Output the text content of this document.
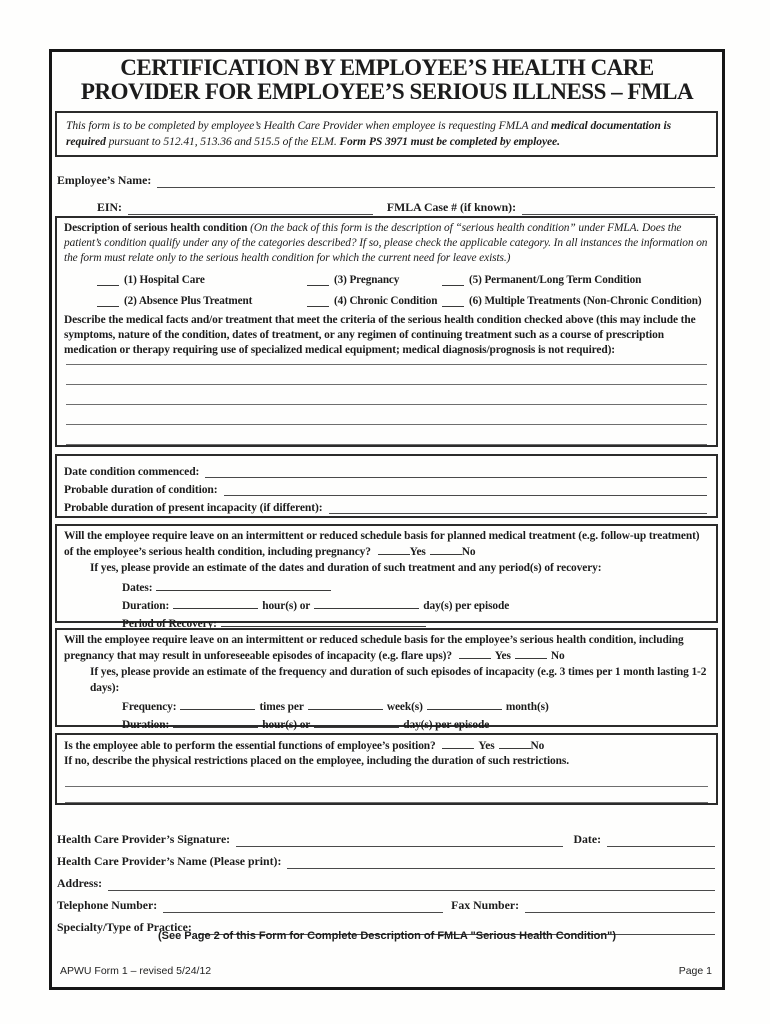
CERTIFICATION BY EMPLOYEE’S HEALTH CARE
PROVIDER FOR EMPLOYEE’S SERIOUS ILLNESS – FMLA
This form is to be completed by employee’s Health Care Provider when employee is requesting FMLA and medical documentation is required pursuant to 512.41, 513.36 and 515.5 of the ELM. Form PS 3971 must be completed by employee.
Employee’s Name:
EIN:	FMLA Case # (if known):
Description of serious health condition (On the back of this form is the description of “serious health condition” under FMLA. Does the patient’s condition qualify under any of the categories described? If so, please check the applicable category. In all instances the information on the form must relate only to the serious health condition for which the current need for leave exists.)
(1) Hospital Care	(3) Pregnancy	(5) Permanent/Long Term Condition
(2) Absence Plus Treatment	(4) Chronic Condition	(6) Multiple Treatments (Non-Chronic Condition)
Describe the medical facts and/or treatment that meet the criteria of the serious health condition checked above (this may include the symptoms, nature of the condition, dates of treatment, or any regimen of continuing treatment such as a course of prescription medication or therapy requiring use of specialized medical equipment; medical diagnosis/prognosis is not required):
Date condition commenced:
Probable duration of condition:
Probable duration of present incapacity (if different):
Will the employee require leave on an intermittent or reduced schedule basis for planned medical treatment (e.g. follow-up treatment) of the employee’s serious health condition, including pregnancy?	Yes	No
If yes, please provide an estimate of the dates and duration of such treatment and any period(s) of recovery:
Dates:
Duration:	hour(s) or	day(s) per episode
Period of Recovery:
Will the employee require leave on an intermittent or reduced schedule basis for the employee’s serious health condition, including pregnancy that may result in unforeseeable episodes of incapacity (e.g. flare ups)?	Yes	No
If yes, please provide an estimate of the frequency and duration of such episodes of incapacity (e.g. 3 times per 1 month lasting 1-2 days):
Frequency:	times per	week(s)	month(s)
Duration:	hour(s) or	day(s) per episode
Is the employee able to perform the essential functions of employee’s position?	Yes	No
If no, describe the physical restrictions placed on the employee, including the duration of such restrictions.
Health Care Provider’s Signature:	Date:
Health Care Provider’s Name (Please print):
Address:
Telephone Number:	Fax Number:
Specialty/Type of Practice:
(See Page 2 of this Form for Complete Description of FMLA "Serious Health Condition")
APWU Form 1 – revised 5/24/12	Page 1
